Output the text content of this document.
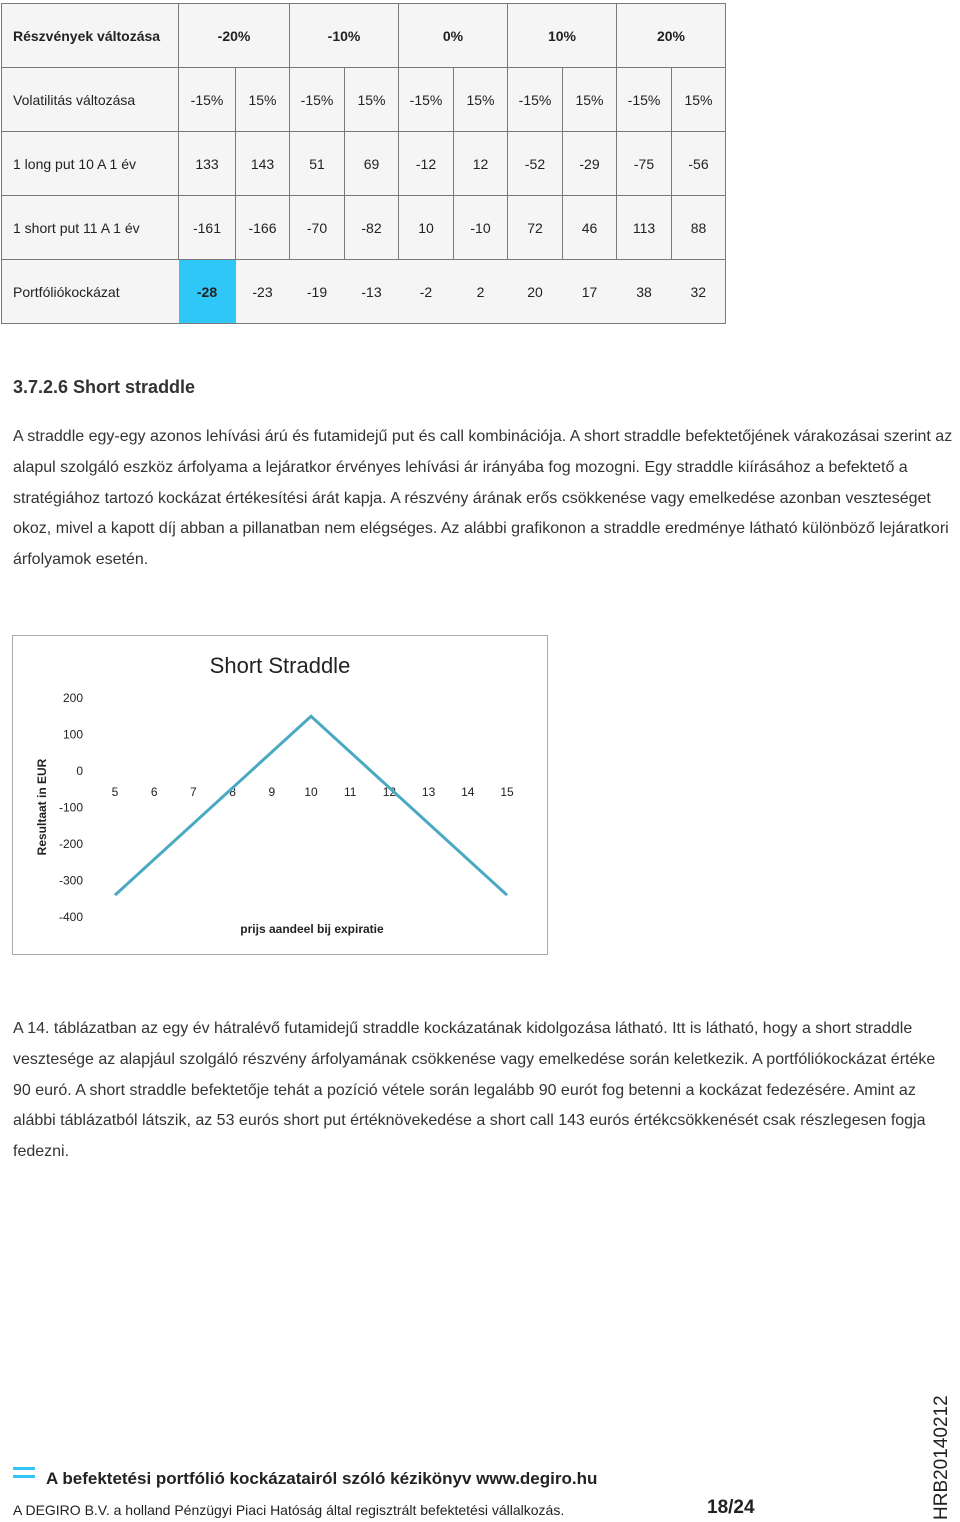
Részvények változása	-20%		-10%		0%		10%		20%	
Volatilitás változása	-15%	15%	-15%	15%	-15%	15%	-15%	15%	-15%	15%
1 long put 10 A 1 év	133	143	51	69	-12	12	-52	-29	-75	-56
1 short put 11 A 1 év	-161	-166	-70	-82	10	-10	72	46	113	88
Portfóliókockázat	-28	-23	-19	-13	-2	2	20	17	38	32
3.7.2.6 Short straddle

A straddle egy-egy azonos lehívási árú és futamidejű put és call kombinációja. A short straddle befektetőjének várakozásai szerint az alapul szolgáló eszköz árfolyama a lejáratkor érvényes lehívási ár irányába fog mozogni. Egy straddle kiírásához a befektető a stratégiához tartozó kockázat értékesítési árát kapja. A részvény árának erős csökkenése vagy emelkedése azonban veszteséget okoz, mivel a kapott díj abban a pillanatban nem elégséges. Az alábbi grafikonon a straddle eredménye látható különböző lejáratkori árfolyamok esetén.

Short Straddle
Resultaat in EUR
prijs aandeel bij expiratie
200
100
0
-100
-200
-300
-400
5	6	7	8	9 10 11 12 13 14 15

A 14. táblázatban az egy év hátralévő futamidejű straddle kockázatának kidolgozása látható. Itt is látható, hogy a short straddle vesztesége az alapjául szolgáló részvény árfolyamának csökkenése vagy emelkedése során keletkezik. A portfóliókockázat értéke 90 euró. A short straddle befektetője tehát a pozíció vétele során legalább 90 eurót fog betenni a kockázat fedezésére. Amint az alábbi táblázatból látszik, az 53 eurós short put értéknövekedése a short call 143 eurós értékcsökkenését csak részlegesen fogja fedezni.

A befektetési portfólió kockázatairól szóló kézikönyv www.degiro.hu

A DEGIRO B.V. a holland Pénzügyi Piaci Hatóság által regisztrált befektetési vállalkozás.	18/24	HRB20140212
